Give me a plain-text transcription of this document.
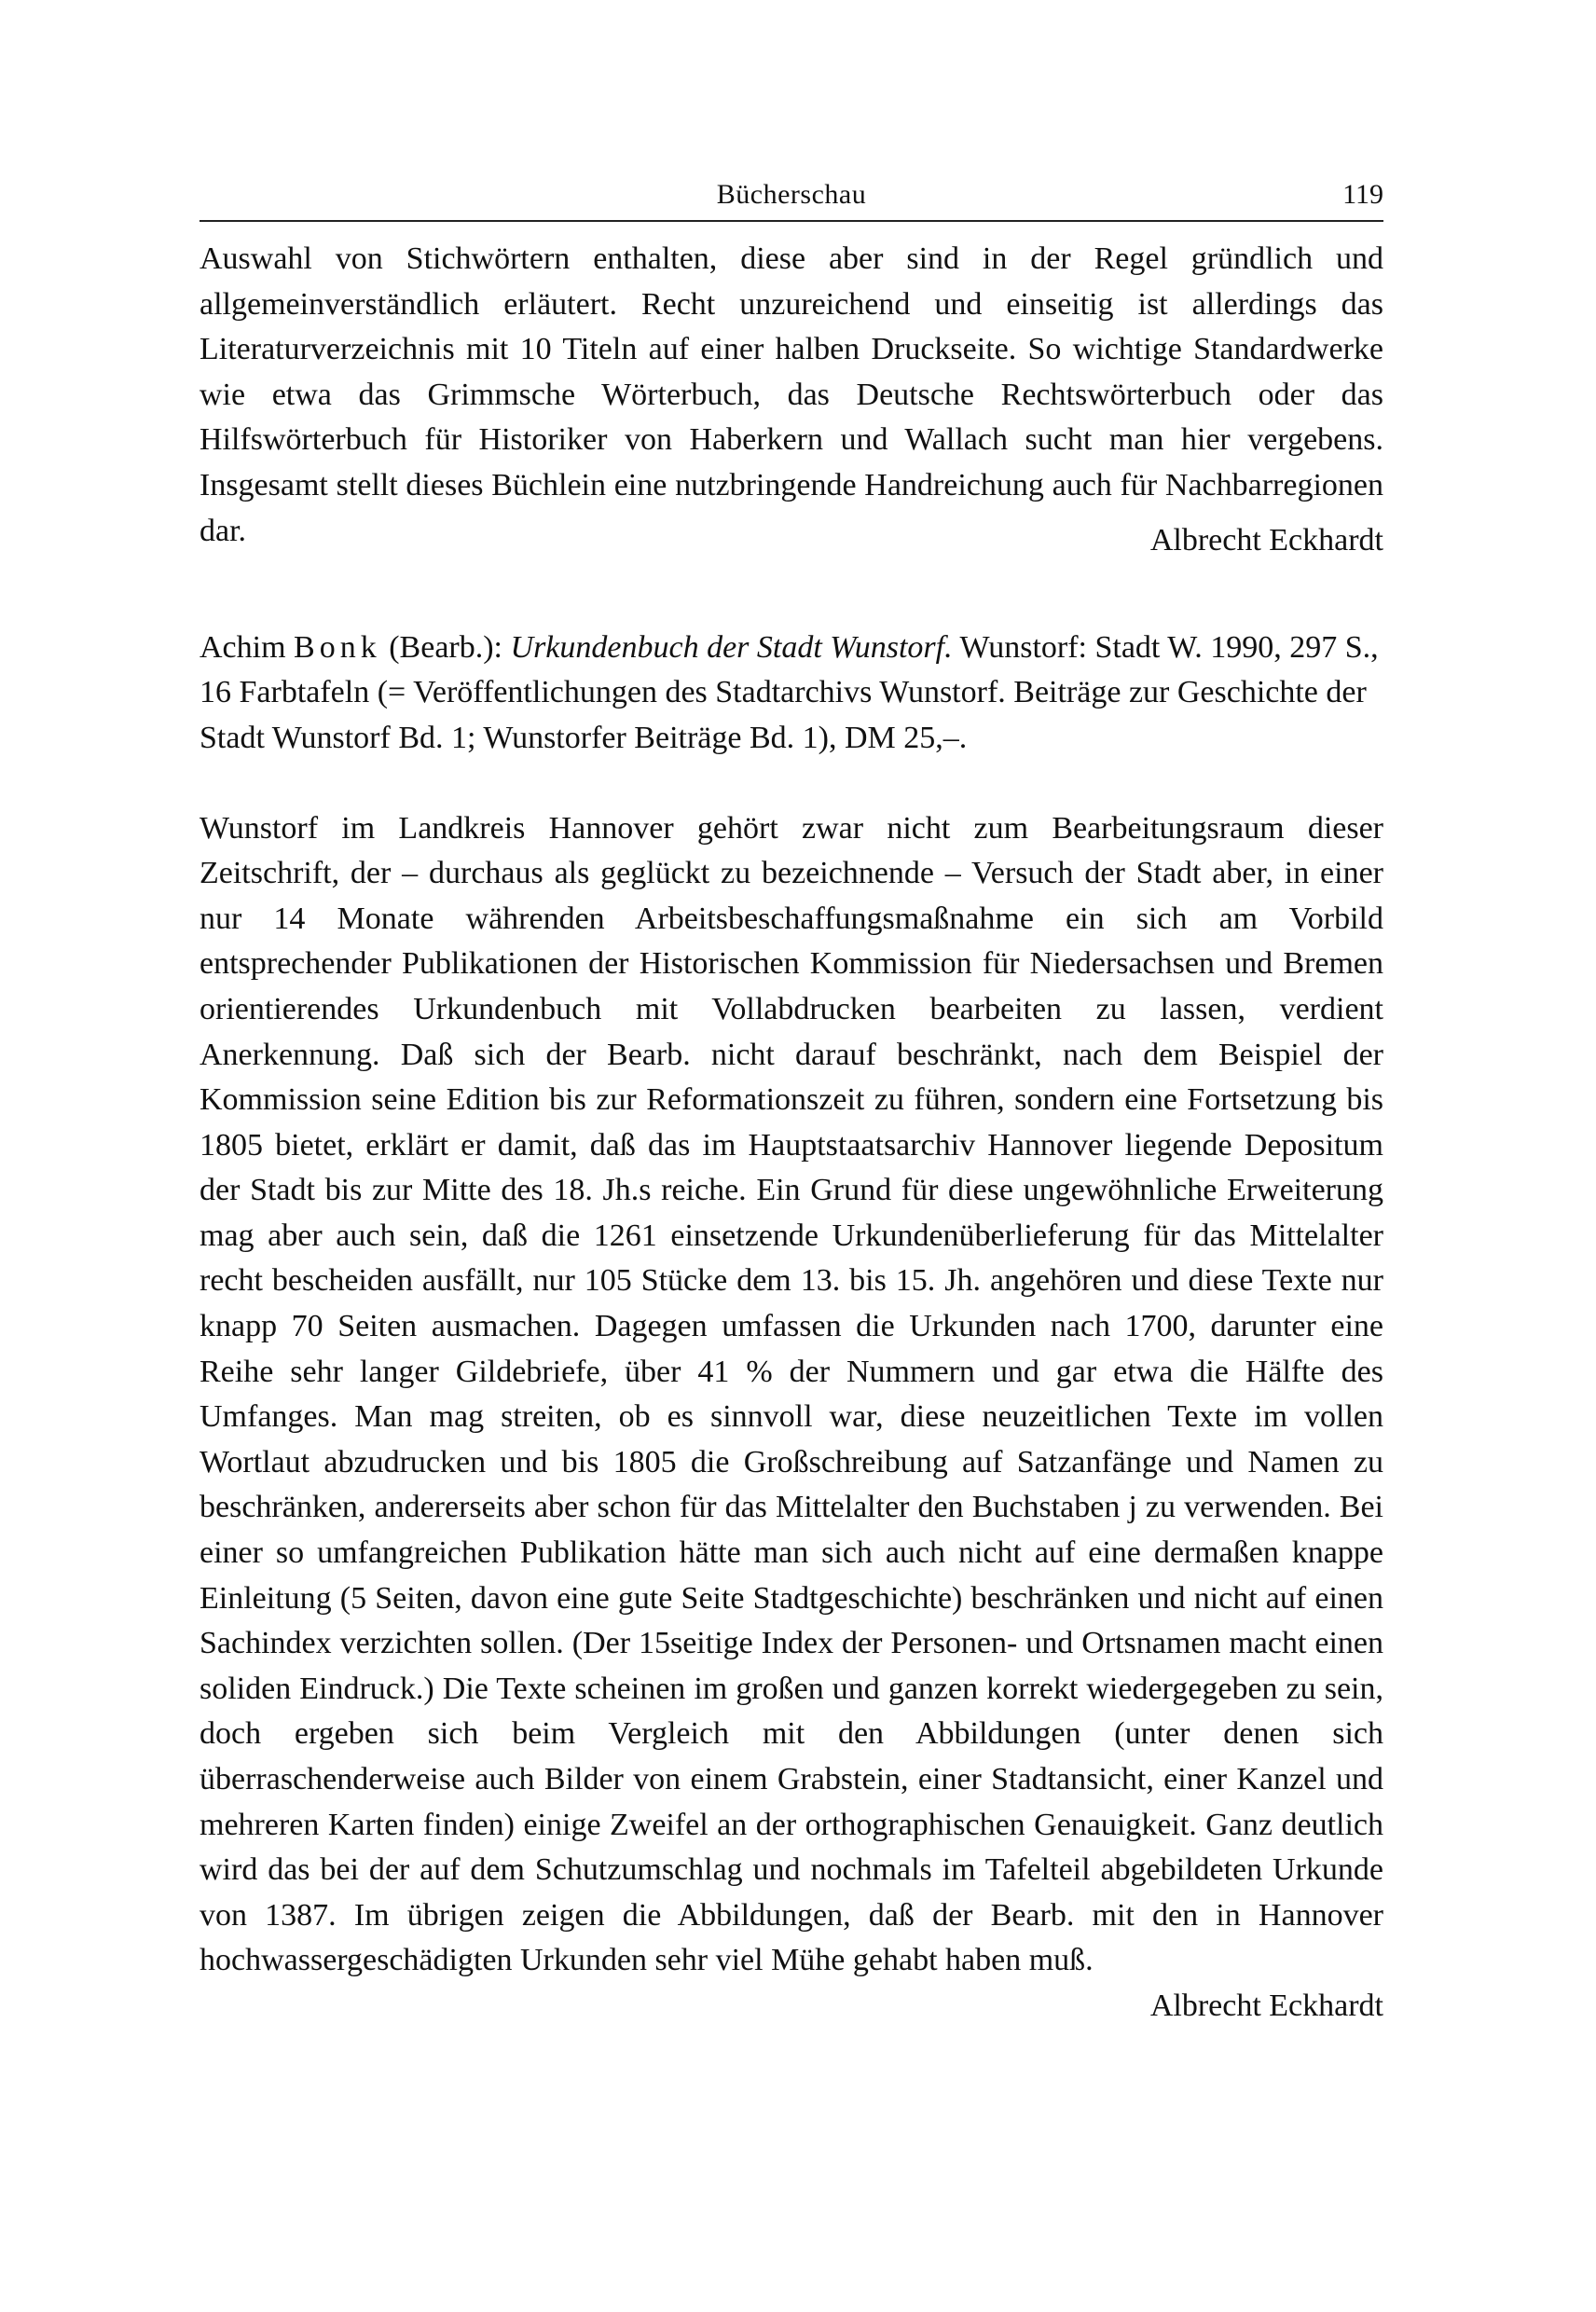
Bücherschau	119

Auswahl von Stichwörtern enthalten, diese aber sind in der Regel gründlich und allgemeinverständlich erläutert. Recht unzureichend und einseitig ist allerdings das Literaturverzeichnis mit 10 Titeln auf einer halben Druckseite. So wichtige Standardwerke wie etwa das Grimmsche Wörterbuch, das Deutsche Rechtswörterbuch oder das Hilfswörterbuch für Historiker von Haberkern und Wallach sucht man hier vergebens. Insgesamt stellt dieses Büchlein eine nutzbringende Handreichung auch für Nachbarregionen dar.	Albrecht Eckhardt

Achim Bonk (Bearb.): Urkundenbuch der Stadt Wunstorf. Wunstorf: Stadt W. 1990, 297 S., 16 Farbtafeln (= Veröffentlichungen des Stadtarchivs Wunstorf. Beiträge zur Geschichte der Stadt Wunstorf Bd. 1; Wunstorfer Beiträge Bd. 1), DM 25,–.

Wunstorf im Landkreis Hannover gehört zwar nicht zum Bearbeitungsraum dieser Zeitschrift, der – durchaus als geglückt zu bezeichnende – Versuch der Stadt aber, in einer nur 14 Monate währenden Arbeitsbeschaffungsmaßnahme ein sich am Vorbild entsprechender Publikationen der Historischen Kommission für Niedersachsen und Bremen orientierendes Urkundenbuch mit Vollabdrucken bearbeiten zu lassen, verdient Anerkennung. Daß sich der Bearb. nicht darauf beschränkt, nach dem Beispiel der Kommission seine Edition bis zur Reformationszeit zu führen, sondern eine Fortsetzung bis 1805 bietet, erklärt er damit, daß das im Hauptstaatsarchiv Hannover liegende Depositum der Stadt bis zur Mitte des 18. Jh.s reiche. Ein Grund für diese ungewöhnliche Erweiterung mag aber auch sein, daß die 1261 einsetzende Urkundenüberlieferung für das Mittelalter recht bescheiden ausfällt, nur 105 Stücke dem 13. bis 15. Jh. angehören und diese Texte nur knapp 70 Seiten ausmachen. Dagegen umfassen die Urkunden nach 1700, darunter eine Reihe sehr langer Gildebriefe, über 41 % der Nummern und gar etwa die Hälfte des Umfanges. Man mag streiten, ob es sinnvoll war, diese neuzeitlichen Texte im vollen Wortlaut abzudrucken und bis 1805 die Großschreibung auf Satzanfänge und Namen zu beschränken, andererseits aber schon für das Mittelalter den Buchstaben j zu verwenden. Bei einer so umfangreichen Publikation hätte man sich auch nicht auf eine dermaßen knappe Einleitung (5 Seiten, davon eine gute Seite Stadtgeschichte) beschränken und nicht auf einen Sachindex verzichten sollen. (Der 15seitige Index der Personen- und Ortsnamen macht einen soliden Eindruck.) Die Texte scheinen im großen und ganzen korrekt wiedergegeben zu sein, doch ergeben sich beim Vergleich mit den Abbildungen (unter denen sich überraschenderweise auch Bilder von einem Grabstein, einer Stadtansicht, einer Kanzel und mehreren Karten finden) einige Zweifel an der orthographischen Genauigkeit. Ganz deutlich wird das bei der auf dem Schutzumschlag und nochmals im Tafelteil abgebildeten Urkunde von 1387. Im übrigen zeigen die Abbildungen, daß der Bearb. mit den in Hannover hochwassergeschädigten Urkunden sehr viel Mühe gehabt haben muß.

Albrecht Eckhardt
